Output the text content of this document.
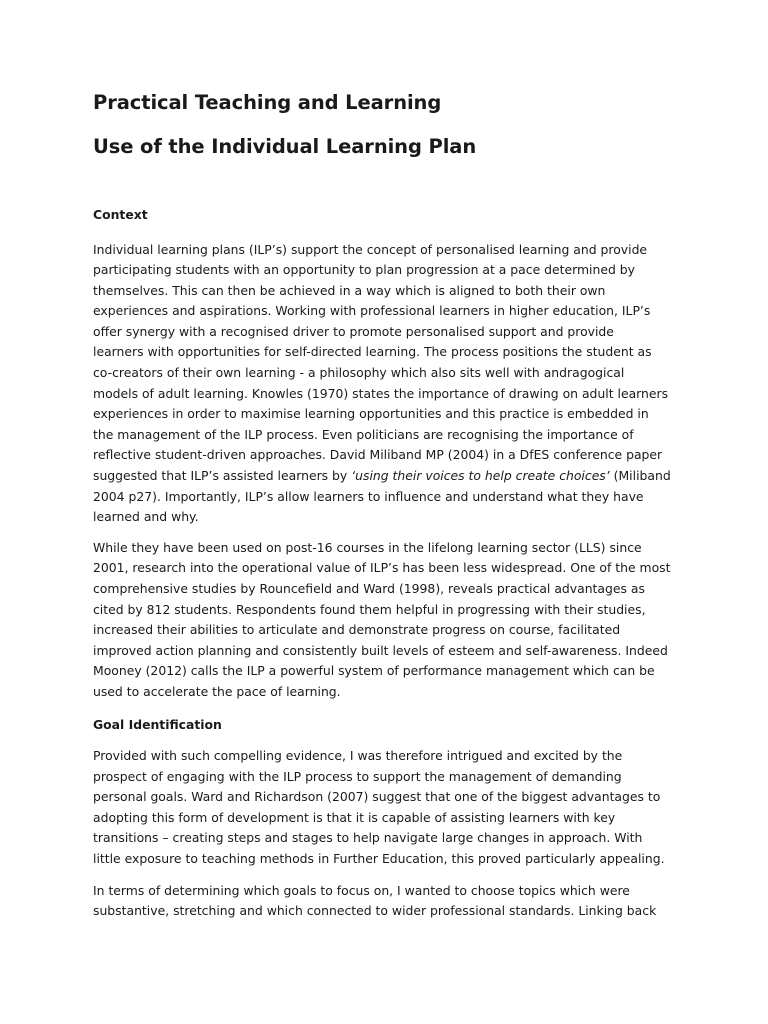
Practical Teaching and Learning
Use of the Individual Learning Plan
Context

Individual learning plans (ILP’s) support the concept of personalised learning and provide
participating students with an opportunity to plan progression at a pace determined by
themselves. This can then be achieved in a way which is aligned to both their own
experiences and aspirations. Working with professional learners in higher education, ILP’s
offer synergy with a recognised driver to promote personalised support and provide
learners with opportunities for self-directed learning. The process positions the student as
co-creators of their own learning - a philosophy which also sits well with andragogical
models of adult learning. Knowles (1970) states the importance of drawing on adult learners
experiences in order to maximise learning opportunities and this practice is embedded in
the management of the ILP process. Even politicians are recognising the importance of
reflective student-driven approaches. David Miliband MP (2004) in a DfES conference paper
suggested that ILP’s assisted learners by ‘using their voices to help create choices’ (Miliband
2004 p27). Importantly, ILP’s allow learners to influence and understand what they have
learned and why.

While they have been used on post-16 courses in the lifelong learning sector (LLS) since
2001, research into the operational value of ILP’s has been less widespread. One of the most
comprehensive studies by Rouncefield and Ward (1998), reveals practical advantages as
cited by 812 students. Respondents found them helpful in progressing with their studies,
increased their abilities to articulate and demonstrate progress on course, facilitated
improved action planning and consistently built levels of esteem and self-awareness. Indeed
Mooney (2012) calls the ILP a powerful system of performance management which can be
used to accelerate the pace of learning.

Goal Identification

Provided with such compelling evidence, I was therefore intrigued and excited by the
prospect of engaging with the ILP process to support the management of demanding
personal goals. Ward and Richardson (2007) suggest that one of the biggest advantages to
adopting this form of development is that it is capable of assisting learners with key
transitions – creating steps and stages to help navigate large changes in approach. With
little exposure to teaching methods in Further Education, this proved particularly appealing.

In terms of determining which goals to focus on, I wanted to choose topics which were
substantive, stretching and which connected to wider professional standards. Linking back
